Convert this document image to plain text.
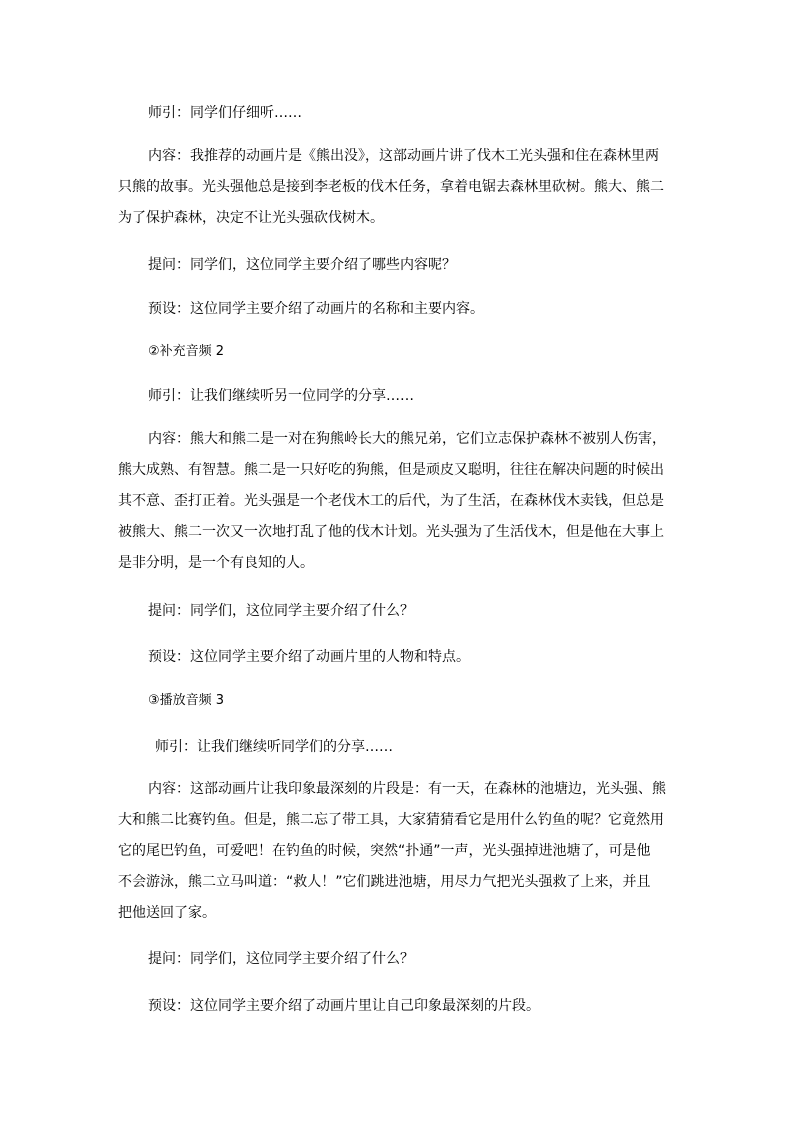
师引：同学们仔细听……
内容：我推荐的动画片是《熊出没》，这部动画片讲了伐木工光头强和住在森林里两
只熊的故事。光头强他总是接到李老板的伐木任务，拿着电锯去森林里砍树。熊大、熊二
为了保护森林，决定不让光头强砍伐树木。
提问：同学们，这位同学主要介绍了哪些内容呢？
预设：这位同学主要介绍了动画片的名称和主要内容。
②补充音频 2
师引：让我们继续听另一位同学的分享……
内容：熊大和熊二是一对在狗熊岭长大的熊兄弟，它们立志保护森林不被别人伤害，
熊大成熟、有智慧。熊二是一只好吃的狗熊，但是顽皮又聪明，往往在解决问题的时候出
其不意、歪打正着。光头强是一个老伐木工的后代，为了生活，在森林伐木卖钱，但总是
被熊大、熊二一次又一次地打乱了他的伐木计划。光头强为了生活伐木，但是他在大事上
是非分明，是一个有良知的人。
提问：同学们，这位同学主要介绍了什么？
预设：这位同学主要介绍了动画片里的人物和特点。
③播放音频 3
师引：让我们继续听同学们的分享……
内容：这部动画片让我印象最深刻的片段是：有一天，在森林的池塘边，光头强、熊
大和熊二比赛钓鱼。但是，熊二忘了带工具，大家猜猜看它是用什么钓鱼的呢？它竟然用
它的尾巴钓鱼，可爱吧！在钓鱼的时候，突然“扑通”一声，光头强掉进池塘了，可是他
不会游泳，熊二立马叫道：“救人！”它们跳进池塘，用尽力气把光头强救了上来，并且
把他送回了家。
提问：同学们，这位同学主要介绍了什么？
预设：这位同学主要介绍了动画片里让自己印象最深刻的片段。
